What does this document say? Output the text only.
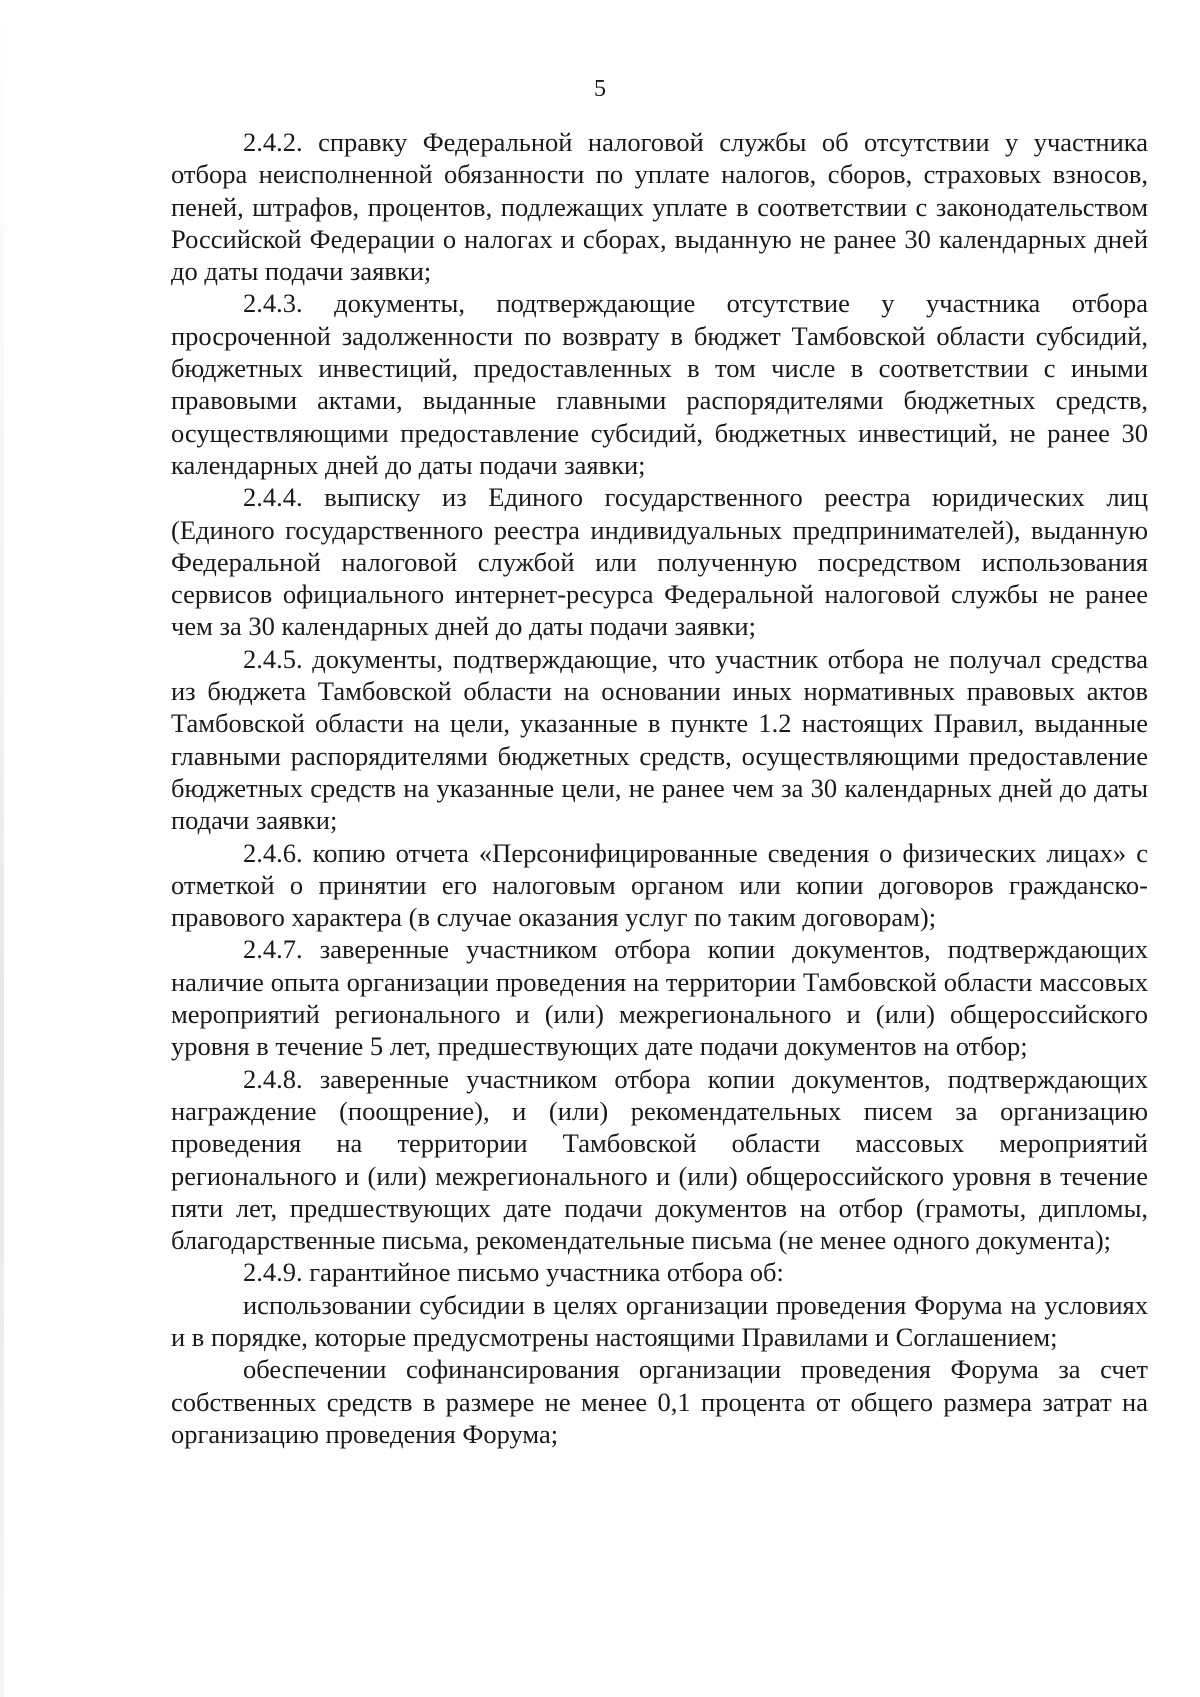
5

2.4.2. справку Федеральной налоговой службы об отсутствии у участника отбора неисполненной обязанности по уплате налогов, сборов, страховых взносов, пеней, штрафов, процентов, подлежащих уплате в соответствии с законодательством Российской Федерации о налогах и сборах, выданную не ранее 30 календарных дней до даты подачи заявки;

2.4.3. документы, подтверждающие отсутствие у участника отбора просроченной задолженности по возврату в бюджет Тамбовской области субсидий, бюджетных инвестиций, предоставленных в том числе в соответствии с иными правовыми актами, выданные главными распорядителями бюджетных средств, осуществляющими предоставление субсидий, бюджетных инвестиций, не ранее 30 календарных дней до даты подачи заявки;

2.4.4. выписку из Единого государственного реестра юридических лиц (Единого государственного реестра индивидуальных предпринимателей), выданную Федеральной налоговой службой или полученную посредством использования сервисов официального интернет-ресурса Федеральной налоговой службы не ранее чем за 30 календарных дней до даты подачи заявки;

2.4.5. документы, подтверждающие, что участник отбора не получал средства из бюджета Тамбовской области на основании иных нормативных правовых актов Тамбовской области на цели, указанные в пункте 1.2 настоящих Правил, выданные главными распорядителями бюджетных средств, осуществляющими предоставление бюджетных средств на указанные цели, не ранее чем за 30 календарных дней до даты подачи заявки;

2.4.6. копию отчета «Персонифицированные сведения о физических лицах» с отметкой о принятии его налоговым органом или копии договоров гражданско-правового характера (в случае оказания услуг по таким договорам);

2.4.7. заверенные участником отбора копии документов, подтверждающих наличие опыта организации проведения на территории Тамбовской области массовых мероприятий регионального и (или) межрегионального и (или) общероссийского уровня в течение 5 лет, предшествующих дате подачи документов на отбор;

2.4.8. заверенные участником отбора копии документов, подтверждающих награждение (поощрение), и (или) рекомендательных писем за организацию проведения на территории Тамбовской области массовых мероприятий регионального и (или) межрегионального и (или) общероссийского уровня в течение пяти лет, предшествующих дате подачи документов на отбор (грамоты, дипломы, благодарственные письма, рекомендательные письма (не менее одного документа);

2.4.9. гарантийное письмо участника отбора об:

использовании субсидии в целях организации проведения Форума на условиях и в порядке, которые предусмотрены настоящими Правилами и Соглашением;

обеспечении софинансирования организации проведения Форума за счет собственных средств в размере не менее 0,1 процента от общего размера затрат на организацию проведения Форума;
